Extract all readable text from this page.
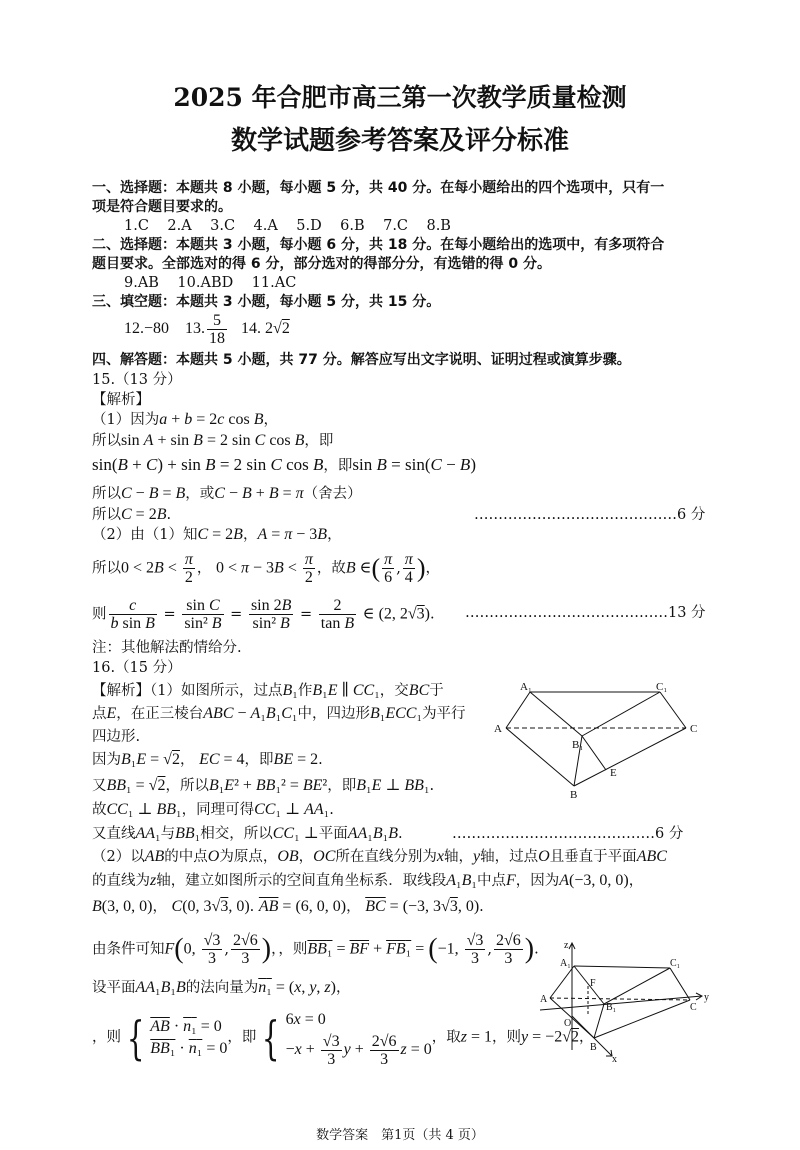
2025 年合肥市高三第一次教学质量检测
数学试题参考答案及评分标准
一、选择题：本题共 8 小题，每小题 5 分，共 40 分。在每小题给出的四个选项中，只有一
项是符合题目要求的。
1.C 2.A 3.C 4.A 5.D 6.B 7.C 8.B
二、选择题：本题共 3 小题，每小题 6 分，共 18 分。在每小题给出的选项中，有多项符合
题目要求。全部选对的得 6 分，部分选对的得部分分，有选错的得 0 分。
9.AB 10.ABD 11.AC
三、填空题：本题共 3 小题，每小题 5 分，共 15 分。
12.−80 13. $\frac{5}{18} 14$. 2√2
四、解答题：本题共 5 小题，共 77 分。解答应写出文字说明、证明过程或演算步骤。
15.（13 分）
【解析】
（1）因为a + b = 2c cos B，
所以sin A + sin B = 2 sin C cos B，即
sin(B + C) + sin B = 2 sin C cos B，即sin B = sin(C − B)
所以C − B = B，或C − B + B = π（舍去）
所以C = 2B.	……………………………………6 分
（2）由（1）知C = 2B，A = π − 3B，
所以$0 < 2B < \frac{\pi}{2}$ ， $0 < \pi - 3B < \frac{\pi}{2}$ ，故B ∈( $\frac{\pi}{6}$ , $\frac{\pi}{4}$ )，
则 $\frac{c}{\text{b sin B}} = \frac{\text{sin C}}{\text{sin² B}} = \frac{\sin 2B}{\text{sin² B}} = \frac{2}{\text{tan B}}$ ∈ (2, 2√3). ……………………………………13 分
注：其他解法酌情给分.
16.（15 分）
【解析】（1）如图所示，过点B₁作B₁E ∥ CC₁，交BC于
点E，在正三棱台ABC − A₁B₁C₁中，四边形B₁ECC₁为平行
四边形.
因为B₁E = √2， EC = 4，即BE = 2.
又BB₁ = √2，所以B₁E² + BB₁² = BE²，即B₁E ⊥ BB₁.
故CC₁ ⊥ BB₁，同理可得CC₁ ⊥ AA₁.
又直线AA₁与BB₁相交，所以CC₁ ⊥平面AA₁B₁B.	……………………………………6 分
（2）以AB的中点O为原点，OB，OC所在直线分别为x轴，y轴，过点O且垂直于平面ABC
的直线为z轴，建立如图所示的空间直角坐标系．取线段A₁B₁中点F，因为A(−3, 0, 0)，
B(3, 0, 0)， C(0, 3√3, 0). $\overline{AB} = (6$, 0, 0)， $\overline{BC} = (-3$, 3√3, 0).
由条件可知F(0, $\frac{√3}{3}$ , $\frac{2√6}{3}$ )，，则$BB_1 = \overline{BF} + FB_1 = (-1$, $\frac{√3}{3}$ , $\frac{2√6}{3}$ ).
设平面AA₁B₁B的法向量为n₁ = (x, y, z)，
，则 { $\overline{AB} \cdot n_1 = 0$
BB₁ · n₁ = 0
，即 { 6x = 0
$-x + \frac{√3}{3}$ $y + \frac{2√6}{3}$ z = 0
，取z = 1，则y = −2√2，
A₁	C₁
A	C
B₁
E
B
z
A₁	C₁
F
A
O
B₁	C
y
B
x
数学答案　第1页（共 4 页）
